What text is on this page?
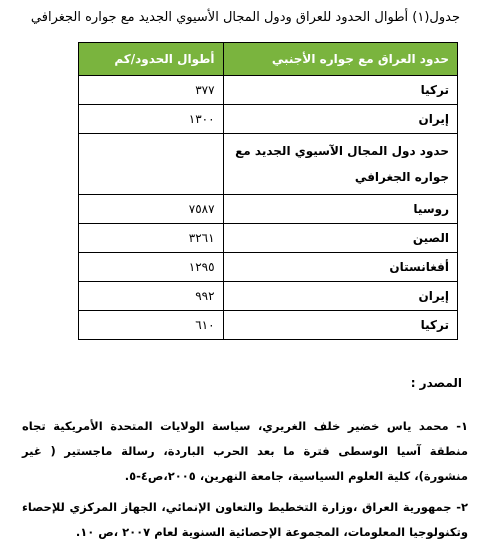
جدول(١) أطوال الحدود للعراق ودول المجال الأسيوي الجديد مع جواره الجغرافي
حدود العراق مع جواره الأجنبي	أطوال الحدود/كم
تركيا	٣٧٧
إيران	١٣٠٠
حدود دول المجال الآسيوي الجديد مع جواره الجغرافي	
روسيا	٧٥٨٧
الصين	٣٢٦١
أفغانستان	١٢٩٥
إيران	٩٩٢
تركيا	٦١٠
المصدر :
١- محمد ياس خضير خلف الغريري، سياسة الولايات المتحدة الأمريكية تجاه منطقة آسيا الوسطى فترة ما بعد الحرب الباردة، رسالة ماجستير ( غير منشورة)، كلية العلوم السياسية، جامعة النهرين، ٢٠٠٥،ص٤-٥.
٢- جمهورية العراق ،وزارة التخطيط والتعاون الإنمائي، الجهاز المركزي للإحصاء وتكنولوجيا المعلومات، المجموعة الإحصائية السنوية لعام ٢٠٠٧ ،ص ١٠.
